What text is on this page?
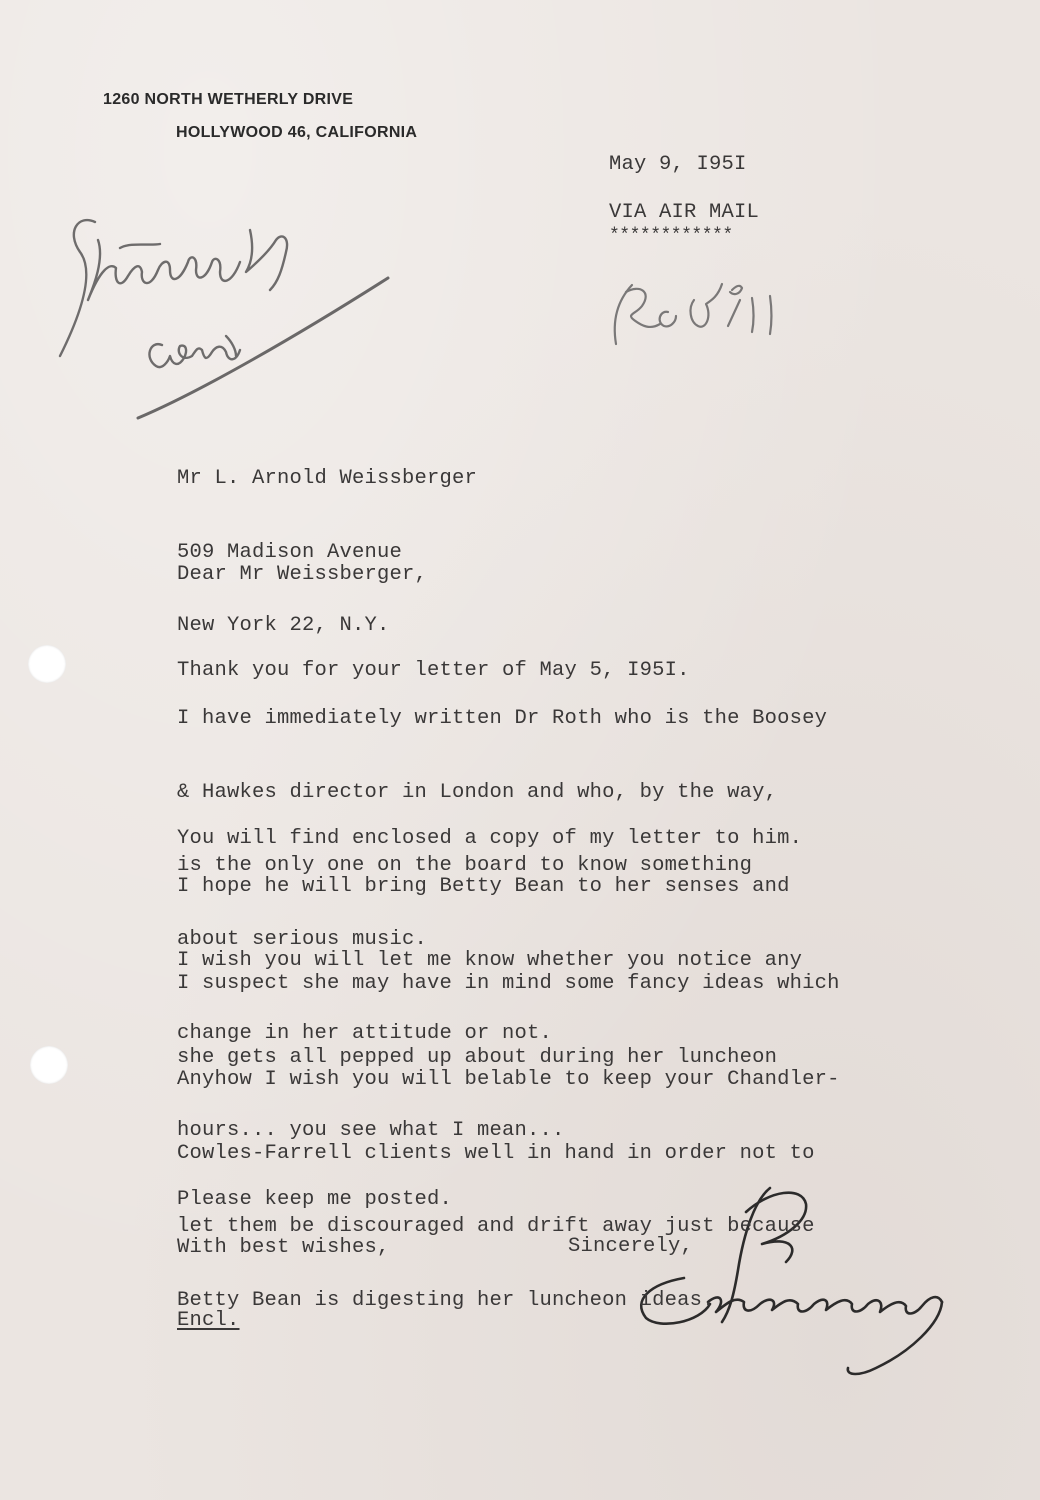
1260 NORTH WETHERLY DRIVE
HOLLYWOOD 46, CALIFORNIA
May 9, I95I
VIA AIR MAIL
************

Mr L. Arnold Weissberger

509 Madison Avenue

New York 22, N.Y.

Dear Mr Weissberger,

Thank you for your letter of May 5, I95I.

I have immediately written Dr Roth who is the Boosey

& Hawkes director in London and who, by the way,

is the only one on the board to know something

about serious music.

You will find enclosed a copy of my letter to him.

I hope he will bring Betty Bean to her senses and

I wish you will let me know whether you notice any

change in her attitude or not.

I suspect she may have in mind some fancy ideas which

she gets all pepped up about during her luncheon

hours... you see what I mean...

Anyhow I wish you will belable to keep your Chandler-

Cowles-Farrell clients well in hand in order not to

let them be discouraged and drift away just because

Betty Bean is digesting her luncheon ideas.

Please keep me posted.

With best wishes,

	Sincerely,
Encl.
